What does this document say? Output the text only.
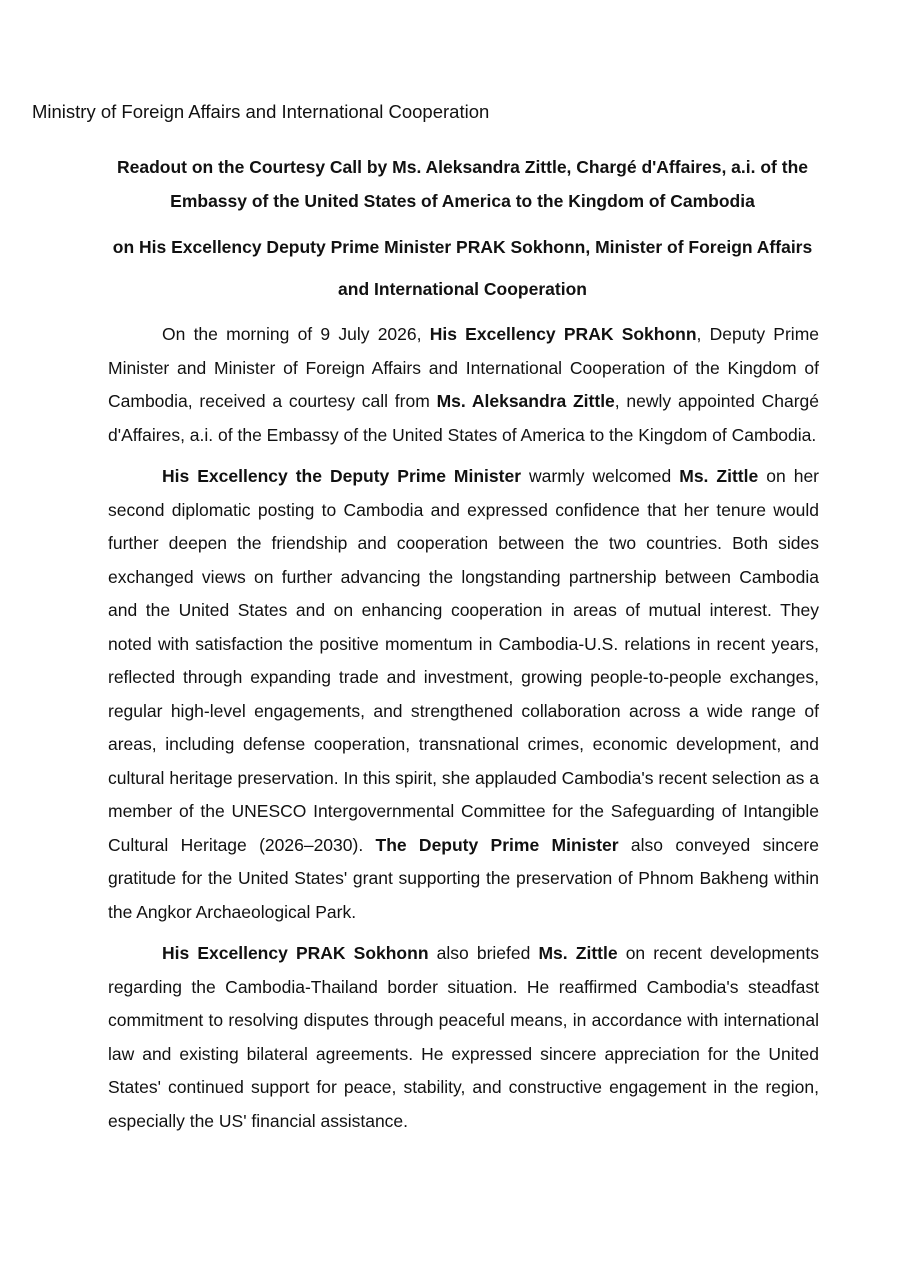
Ministry of Foreign Affairs and International Cooperation
Readout on the Courtesy Call by Ms. Aleksandra Zittle, Chargé d'Affaires, a.i. of the
Embassy of the United States of America to the Kingdom of Cambodia
on His Excellency Deputy Prime Minister PRAK Sokhonn, Minister of Foreign Affairs
and International Cooperation

On the morning of 9 July 2026, His Excellency PRAK Sokhonn, Deputy Prime Minister and Minister of Foreign Affairs and International Cooperation of the Kingdom of Cambodia, received a courtesy call from Ms. Aleksandra Zittle, newly appointed Chargé d'Affaires, a.i. of the Embassy of the United States of America to the Kingdom of Cambodia.

His Excellency the Deputy Prime Minister warmly welcomed Ms. Zittle on her second diplomatic posting to Cambodia and expressed confidence that her tenure would further deepen the friendship and cooperation between the two countries. Both sides exchanged views on further advancing the longstanding partnership between Cambodia and the United States and on enhancing cooperation in areas of mutual interest. They noted with satisfaction the positive momentum in Cambodia-U.S. relations in recent years, reflected through expanding trade and investment, growing people-to-people exchanges, regular high-level engagements, and strengthened collaboration across a wide range of areas, including defense cooperation, transnational crimes, economic development, and cultural heritage preservation. In this spirit, she applauded Cambodia's recent selection as a member of the UNESCO Intergovernmental Committee for the Safeguarding of Intangible Cultural Heritage (2026–2030). The Deputy Prime Minister also conveyed sincere gratitude for the United States' grant supporting the preservation of Phnom Bakheng within the Angkor Archaeological Park.

His Excellency PRAK Sokhonn also briefed Ms. Zittle on recent developments regarding the Cambodia-Thailand border situation. He reaffirmed Cambodia's steadfast commitment to resolving disputes through peaceful means, in accordance with international law and existing bilateral agreements. He expressed sincere appreciation for the United States' continued support for peace, stability, and constructive engagement in the region, especially the US' financial assistance.
